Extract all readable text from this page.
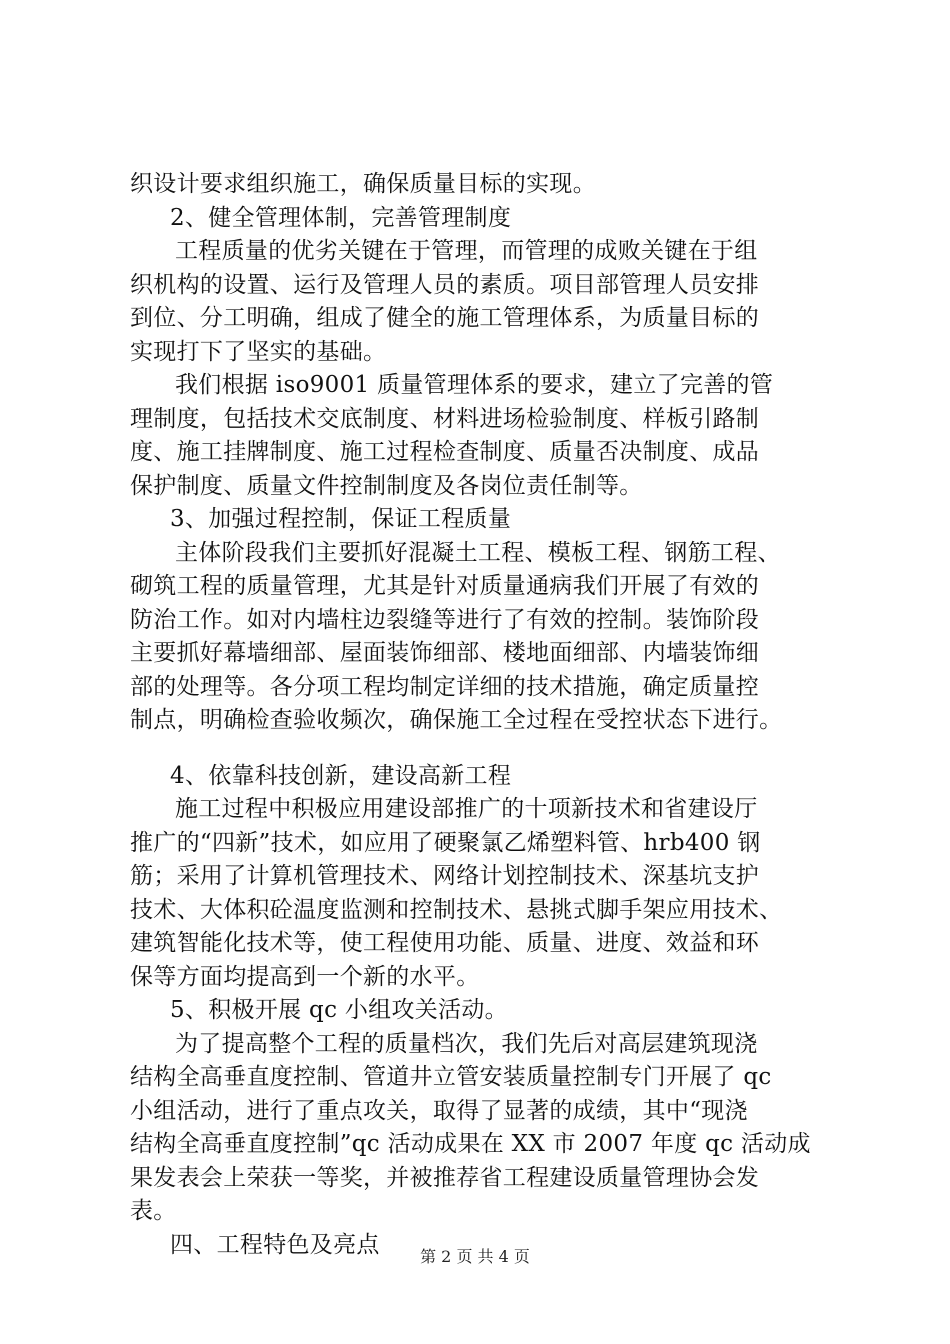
织设计要求组织施工，确保质量目标的实现。
2、健全管理体制，完善管理制度
工程质量的优劣关键在于管理，而管理的成败关键在于组
织机构的设置、运行及管理人员的素质。项目部管理人员安排
到位、分工明确，组成了健全的施工管理体系，为质量目标的
实现打下了坚实的基础。
我们根据 iso9001 质量管理体系的要求，建立了完善的管
理制度，包括技术交底制度、材料进场检验制度、样板引路制
度、施工挂牌制度、施工过程检查制度、质量否决制度、成品
保护制度、质量文件控制制度及各岗位责任制等。
3、加强过程控制，保证工程质量
主体阶段我们主要抓好混凝土工程、模板工程、钢筋工程、
砌筑工程的质量管理，尤其是针对质量通病我们开展了有效的
防治工作。如对内墙柱边裂缝等进行了有效的控制。装饰阶段
主要抓好幕墙细部、屋面装饰细部、楼地面细部、内墙装饰细
部的处理等。各分项工程均制定详细的技术措施，确定质量控
制点，明确检查验收频次，确保施工全过程在受控状态下进行。
4、依靠科技创新，建设高新工程
施工过程中积极应用建设部推广的十项新技术和省建设厅
推广的“四新”技术，如应用了硬聚氯乙烯塑料管、hrb400 钢
筋；采用了计算机管理技术、网络计划控制技术、深基坑支护
技术、大体积砼温度监测和控制技术、悬挑式脚手架应用技术、
建筑智能化技术等，使工程使用功能、质量、进度、效益和环
保等方面均提高到一个新的水平。
5、积极开展 qc 小组攻关活动。
为了提高整个工程的质量档次，我们先后对高层建筑现浇
结构全高垂直度控制、管道井立管安装质量控制专门开展了 qc
小组活动，进行了重点攻关，取得了显著的成绩，其中“现浇
结构全高垂直度控制”qc 活动成果在 XX 市 2007 年度 qc 活动成
果发表会上荣获一等奖，并被推荐省工程建设质量管理协会发
表。
四、工程特色及亮点	第 2 页 共 4 页
